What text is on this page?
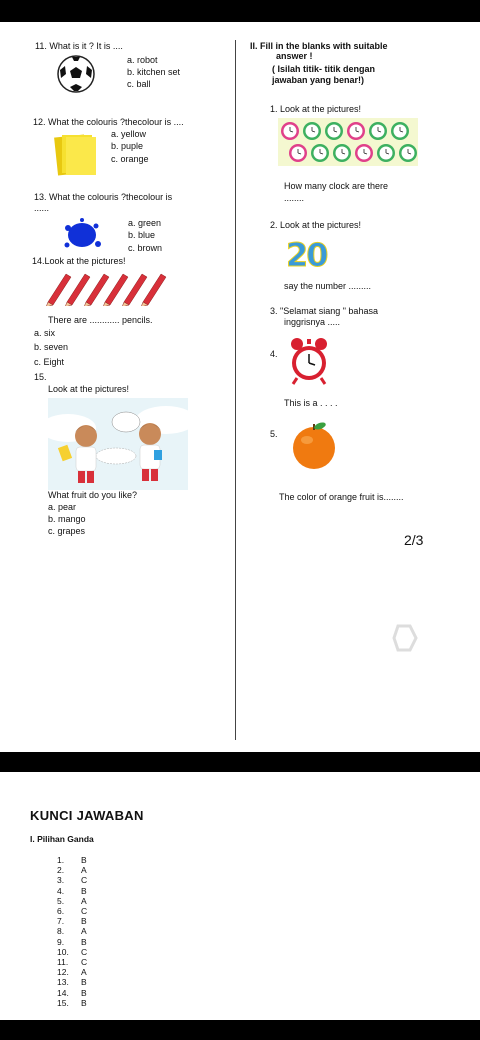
11. What is it ? It is ....
a. robot
b. kitchen set
c. ball
12. What the colouris ?thecolour is ....
a. yellow
b. puple
c. orange
13. What the colouris ?thecolour is
......
a. green
b. blue
c. brown
14.Look at the pictures!
There are ............ pencils.
a. six
b. seven
c. Eight
15.
Look at the pictures!
What fruit do you like?
a. pear
b. mango
c. grapes
II. Fill in the blanks with suitable
answer !
( Isilah titik- titik dengan
jawaban yang benar!)
1. Look at the pictures!
How many clock are there
........
2. Look at the pictures!
20
say the number .........
3. "Selamat siang " bahasa
inggrisnya .....
4.
This is a . . . .
5.
The color of orange fruit is........
2/3
KUNCI JAWABAN
I. Pilihan Ganda
1. B
2. A
3. C
4. B
5. A
6. C
7. B
8. A
9. B
10. C
11. C
12. A
13. B
14. B
15. B
